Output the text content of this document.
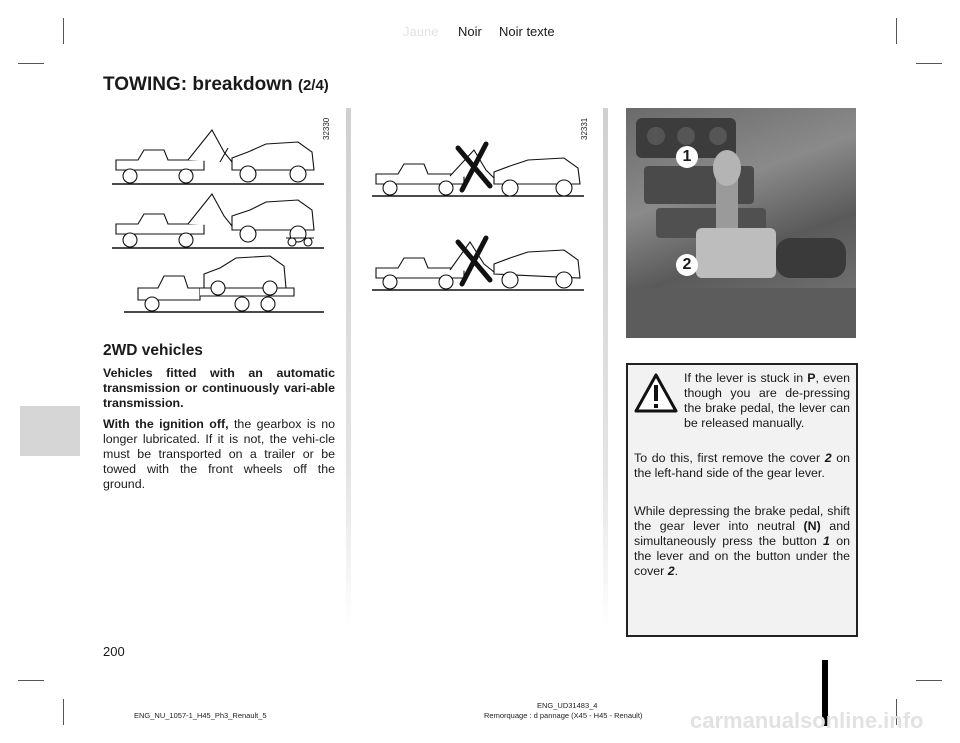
Jaune Noir Noir texte
TOWING: breakdown (2/4)
32330	32331
2WD vehicles
Vehicles fitted with an automatic transmission or continuously vari-able transmission.
With the ignition off, the gearbox is no longer lubricated. If it is not, the vehi-cle must be transported on a trailer or be towed with the front wheels off the ground.
1
2
If the lever is stuck in P, even though you are de-pressing the brake pedal, the lever can be released manually.
To do this, first remove the cover 2 on the left-hand side of the gear lever.
While depressing the brake pedal, shift the gear lever into neutral (N) and simultaneously press the button 1 on the lever and on the button under the cover 2.
200
ENG_NU_1057-1_H45_Ph3_Renault_5
ENG_UD31483_4
Remorquage : d pannage (X45 - H45 - Renault) carmanualsonline.info
